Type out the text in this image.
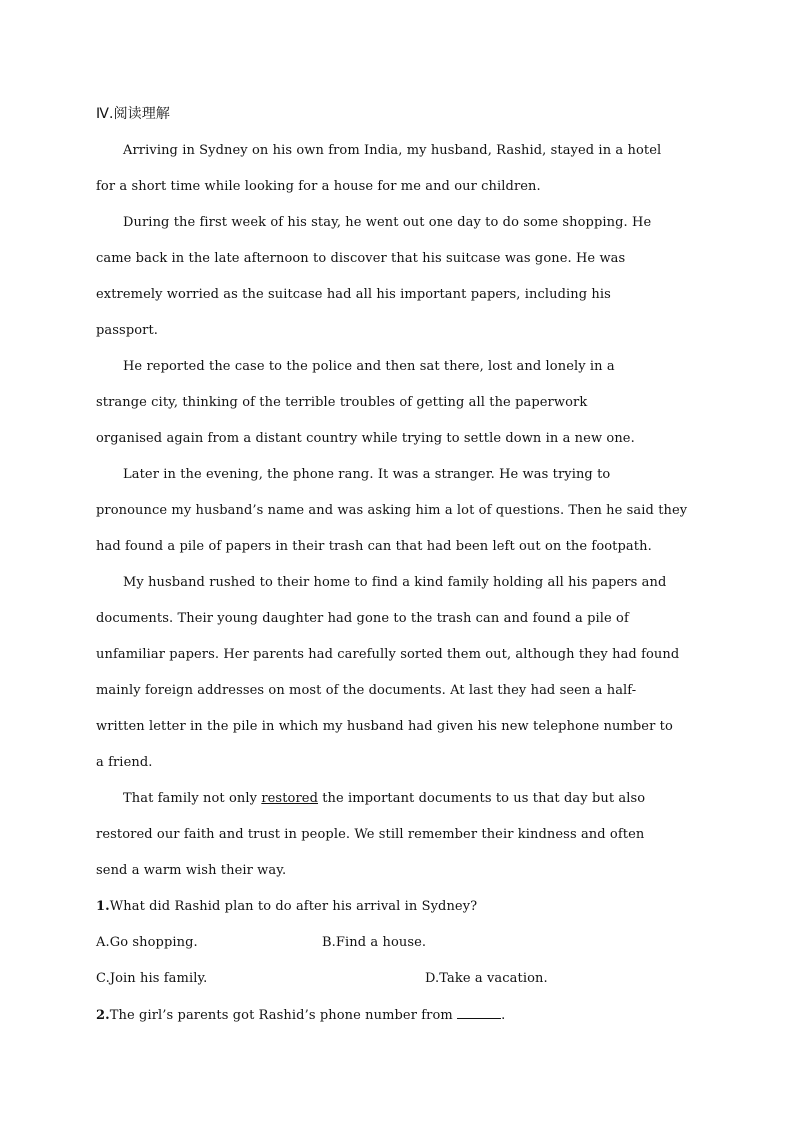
Ⅳ.阅读理解
Arriving in Sydney on his own from India, my husband, Rashid, stayed in a hotel
for a short time while looking for a house for me and our children.
During the first week of his stay, he went out one day to do some shopping. He
came back in the late afternoon to discover that his suitcase was gone. He was
extremely worried as the suitcase had all his important papers, including his
passport.
He reported the case to the police and then sat there, lost and lonely in a
strange city, thinking of the terrible troubles of getting all the paperwork
organised again from a distant country while trying to settle down in a new one.
Later in the evening, the phone rang. It was a stranger. He was trying to
pronounce my husband’s name and was asking him a lot of questions. Then he said they
had found a pile of papers in their trash can that had been left out on the footpath.
My husband rushed to their home to find a kind family holding all his papers and
documents. Their young daughter had gone to the trash can and found a pile of
unfamiliar papers. Her parents had carefully sorted them out, although they had found
mainly foreign addresses on most of the documents. At last they had seen a half-
written letter in the pile in which my husband had given his new telephone number to
a friend.
That family not only restored the important documents to us that day but also
restored our faith and trust in people. We still remember their kindness and often
send a warm wish their way.
1.What did Rashid plan to do after his arrival in Sydney?
A.Go shopping.	B.Find a house.
C.Join his family.	D.Take a vacation.
2.The girl’s parents got Rashid’s phone number from	.
